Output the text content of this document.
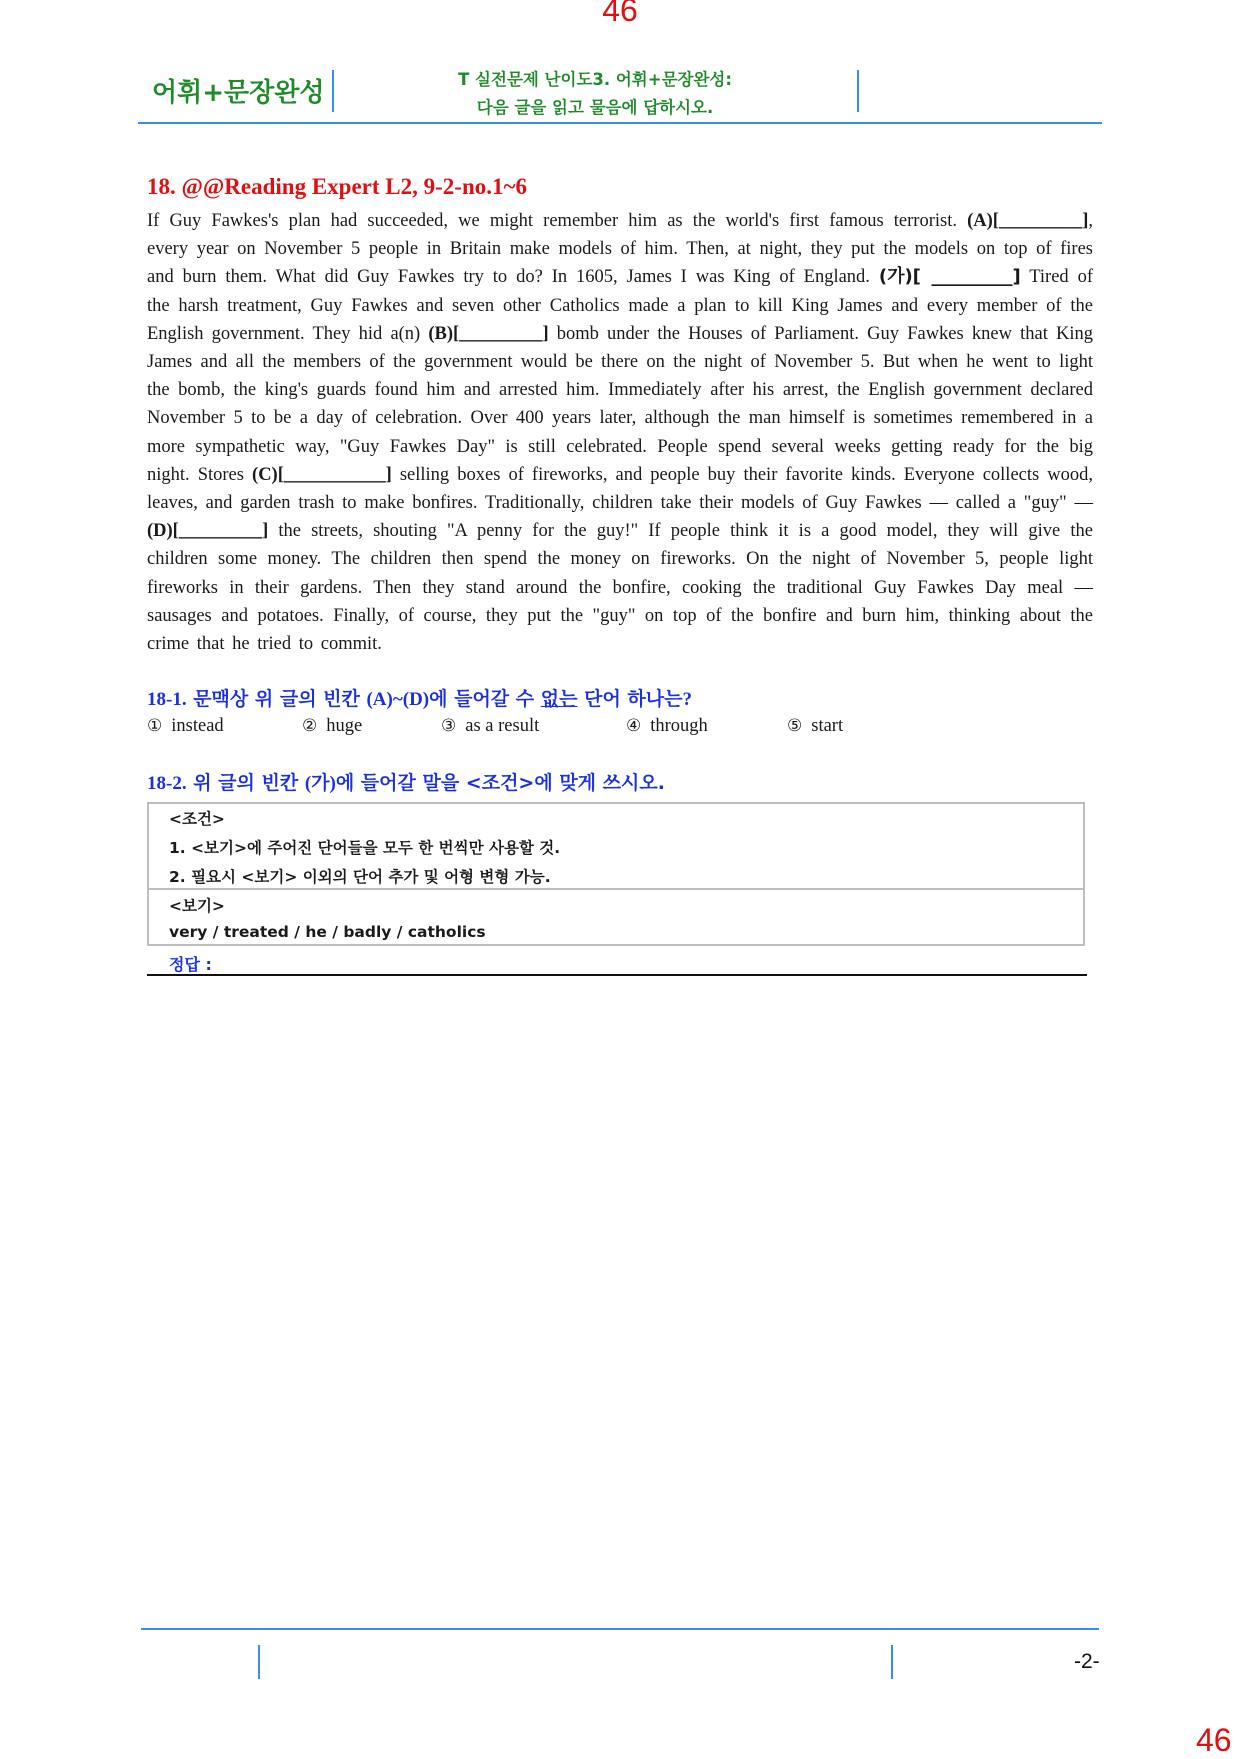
46
어휘+문장완성	T 실전문제 난이도3. 어휘+문장완성:
다음 글을 읽고 물음에 답하시오.
18. @@Reading Expert L2, 9-2-no.1~6
If Guy Fawkes's plan had succeeded, we might remember him as the world's first famous terrorist. (A)[_________], every year on November 5 people in Britain make models of him. Then, at night, they put the models on top of fires and burn them. What did Guy Fawkes try to do? In 1605, James I was King of England. (가)[ _________] Tired of the harsh treatment, Guy Fawkes and seven other Catholics made a plan to kill King James and every member of the English government. They hid a(n) (B)[_________] bomb under the Houses of Parliament. Guy Fawkes knew that King James and all the members of the government would be there on the night of November 5. But when he went to light the bomb, the king's guards found him and arrested him. Immediately after his arrest, the English government declared November 5 to be a day of celebration. Over 400 years later, although the man himself is sometimes remembered in a more sympathetic way, "Guy Fawkes Day" is still celebrated. People spend several weeks getting ready for the big night. Stores (C)[___________] selling boxes of fireworks, and people buy their favorite kinds. Everyone collects wood, leaves, and garden trash to make bonfires. Traditionally, children take their models of Guy Fawkes — called a "guy" — (D)[_________] the streets, shouting "A penny for the guy!" If people think it is a good model, they will give the children some money. The children then spend the money on fireworks. On the night of November 5, people light fireworks in their gardens. Then they stand around the bonfire, cooking the traditional Guy Fawkes Day meal — sausages and potatoes. Finally, of course, they put the "guy" on top of the bonfire and burn him, thinking about the crime that he tried to commit.
18-1. 문맥상 위 글의 빈칸 (A)~(D)에 들어갈 수 없는 단어 하나는?
① instead	② huge	③ as a result	④ through	⑤ start
18-2. 위 글의 빈칸 (가)에 들어갈 말을 <조건>에 맞게 쓰시오.
<조건>
1. <보기>에 주어진 단어들을 모두 한 번씩만 사용할 것.
2. 필요시 <보기> 이외의 단어 추가 및 어형 변형 가능.
<보기>
very / treated / he / badly / catholics
정답 :
-2-
46
